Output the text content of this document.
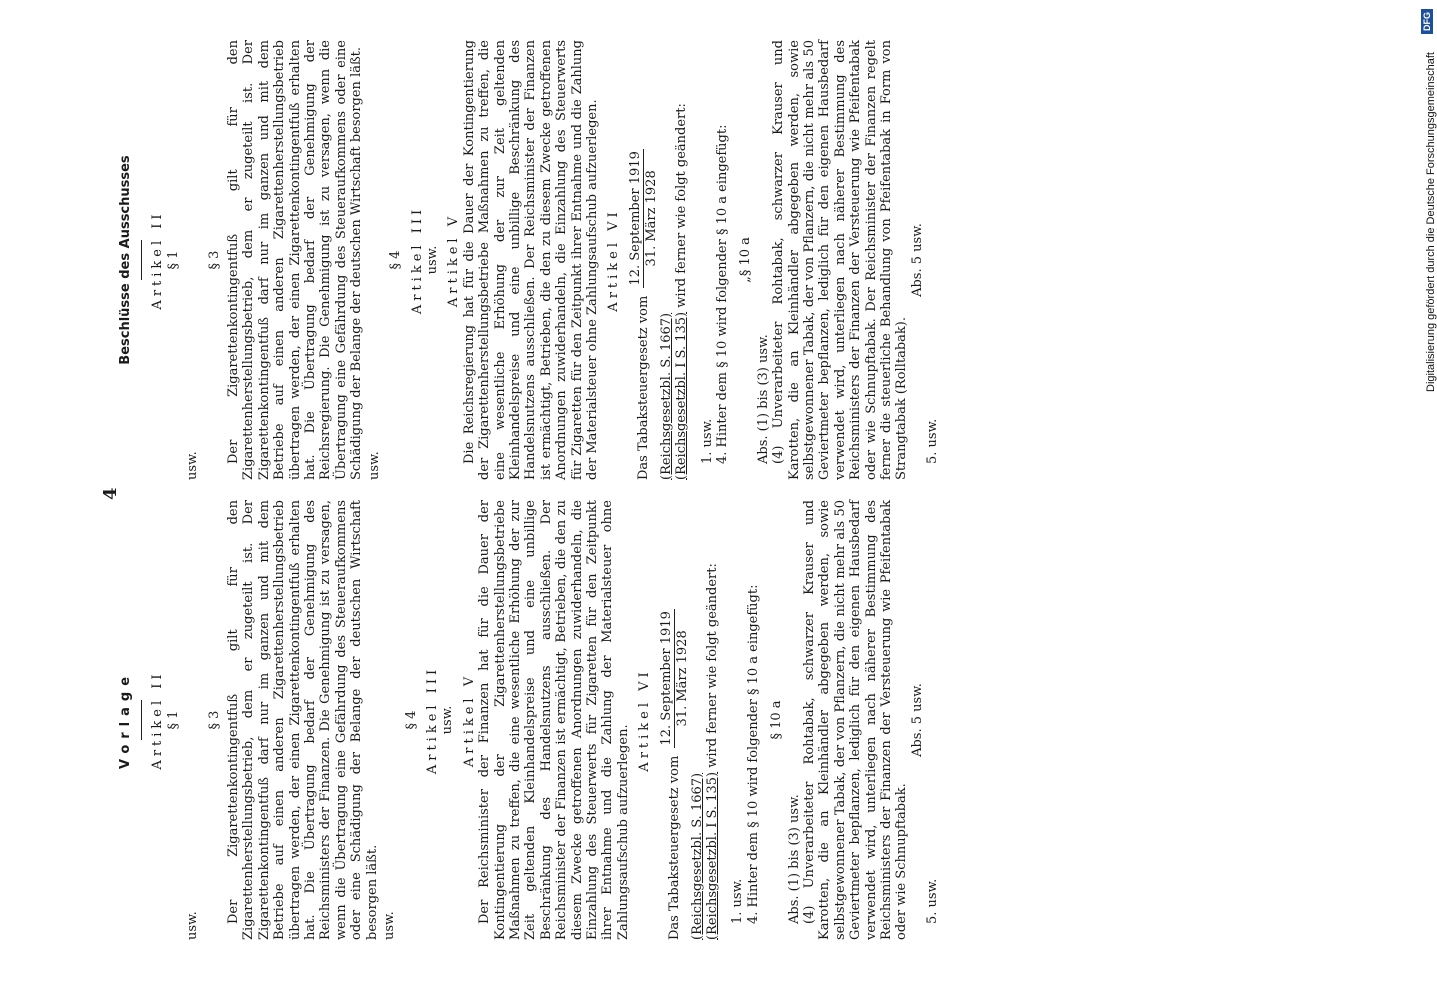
4
DFG
Digitalisierung gefördert durch die Deutsche Forschungsgemeinschaft
Vorlage Artikel II § 1
usw.
§ 3 Der Zigarettenkontingentfuß gilt für den Zigarettenherstellungsbetrieb, dem er zugeteilt ist. Der Zigarettenkontingentfuß darf nur im ganzen und mit dem Betriebe auf einen anderen Zigarettenherstellungsbetrieb übertragen werden, der einen Zigarettenkontingentfuß erhalten hat. Die Übertragung bedarf der Genehmigung des Reichsministers der Finanzen. Die Genehmigung ist zu versagen, wenn die Übertragung eine Gefährdung des Steueraufkommens oder eine Schädigung der Belange der deutschen Wirtschaft besorgen läßt. usw.
§ 4 Artikel III usw. Artikel V Der Reichsminister der Finanzen hat für die Dauer der Kontingentierung der Zigarettenherstellungsbetriebe Maßnahmen zu treffen, die eine wesentliche Erhöhung der zur Zeit geltenden Kleinhandelspreise und eine unbillige Beschränkung des Handelsnutzens ausschließen. Der Reichsminister der Finanzen ist ermächtigt, Betrieben, die den zu diesem Zwecke getroffenen Anordnungen zuwiderhandeln, die Einzahlung des Steuerwerts für Zigaretten für den Zeitpunkt ihrer Entnahme und die Zahlung der Materialsteuer ohne Zahlungsaufschub aufzuerlegen.

Artikel VI
Das Tabaksteuergesetz vom
12. September 1919 31. März 1928
(Reichsgesetzbl. S. 1667) (Reichsgesetzbl. I S. 135) wird ferner wie folgt geändert:
1. usw. 4. Hinter dem § 10 wird folgender § 10 a eingefügt: § 10 a
Abs. (1) bis (3) usw. (4) Unverarbeiteter Rohtabak, schwarzer Krauser und Karotten, die an Kleinhändler abgegeben werden, sowie selbstgewonnener Tabak, der von Pflanzern, die nicht mehr als 50 Geviertmeter bepflanzen, lediglich für den eigenen Hausbedarf verwendet wird, unterliegen nach näherer Bestimmung des Reichsministers der Finanzen der Versteuerung wie Pfeifentabak oder wie Schnupftabak.

Abs. 5 usw.
5. usw.
Beschlüsse des Ausschusses Artikel II § 1
usw.
§ 3 Der Zigarettenkontingentfuß gilt für den Zigarettenherstellungsbetrieb, dem er zugeteilt ist. Der Zigarettenkontingentfuß darf nur im ganzen und mit dem Betriebe auf einen anderen Zigarettenherstellungsbetrieb übertragen werden, der einen Zigarettenkontingentfuß erhalten hat. Die Übertragung bedarf der Genehmigung der Reichsregierung. Die Genehmigung ist zu versagen, wenn die Übertragung eine Gefährdung des Steueraufkommens oder eine Schädigung der Belange der deutschen Wirtschaft besorgen läßt. usw.
§ 4 Artikel III usw. Artikel V Die Reichsregierung hat für die Dauer der Kontingentierung der Zigarettenherstellungsbetriebe Maßnahmen zu treffen, die eine wesentliche Erhöhung der zur Zeit geltenden Kleinhandelspreise und eine unbillige Beschränkung des Handelsnutzens ausschließen. Der Reichsminister der Finanzen ist ermächtigt, Betrieben, die den zu diesem Zwecke getroffenen Anordnungen zuwiderhandeln, die Einzahlung des Steuerwerts für Zigaretten für den Zeitpunkt ihrer Entnahme und die Zahlung der Materialsteuer ohne Zahlungsaufschub aufzuerlegen. Artikel VI
Das Tabaksteuergesetz vom
12. September 1919 31. März 1928
(Reichsgesetzbl. S. 1667) (Reichsgesetzbl. I S. 135) wird ferner wie folgt geändert:
1. usw. 4. Hinter dem § 10 wird folgender § 10 a eingefügt: „§ 10 a
Abs. (1) bis (3) usw. (4) Unverarbeiteter Rohtabak, schwarzer Krauser und Karotten, die an Kleinhändler abgegeben werden, sowie selbstgewonnener Tabak, der von Pflanzern, die nicht mehr als 50 Geviertmeter bepflanzen, lediglich für den eigenen Hausbedarf verwendet wird, unterliegen nach näherer Bestimmung des Reichsministers der Finanzen der Versteuerung wie Pfeifentabak oder wie Schnupftabak. Der Reichsminister der Finanzen regelt ferner die steuerliche Behandlung von Pfeifentabak in Form von Strangtabak (Rolltabak).

Abs. 5 usw.
5. usw.
